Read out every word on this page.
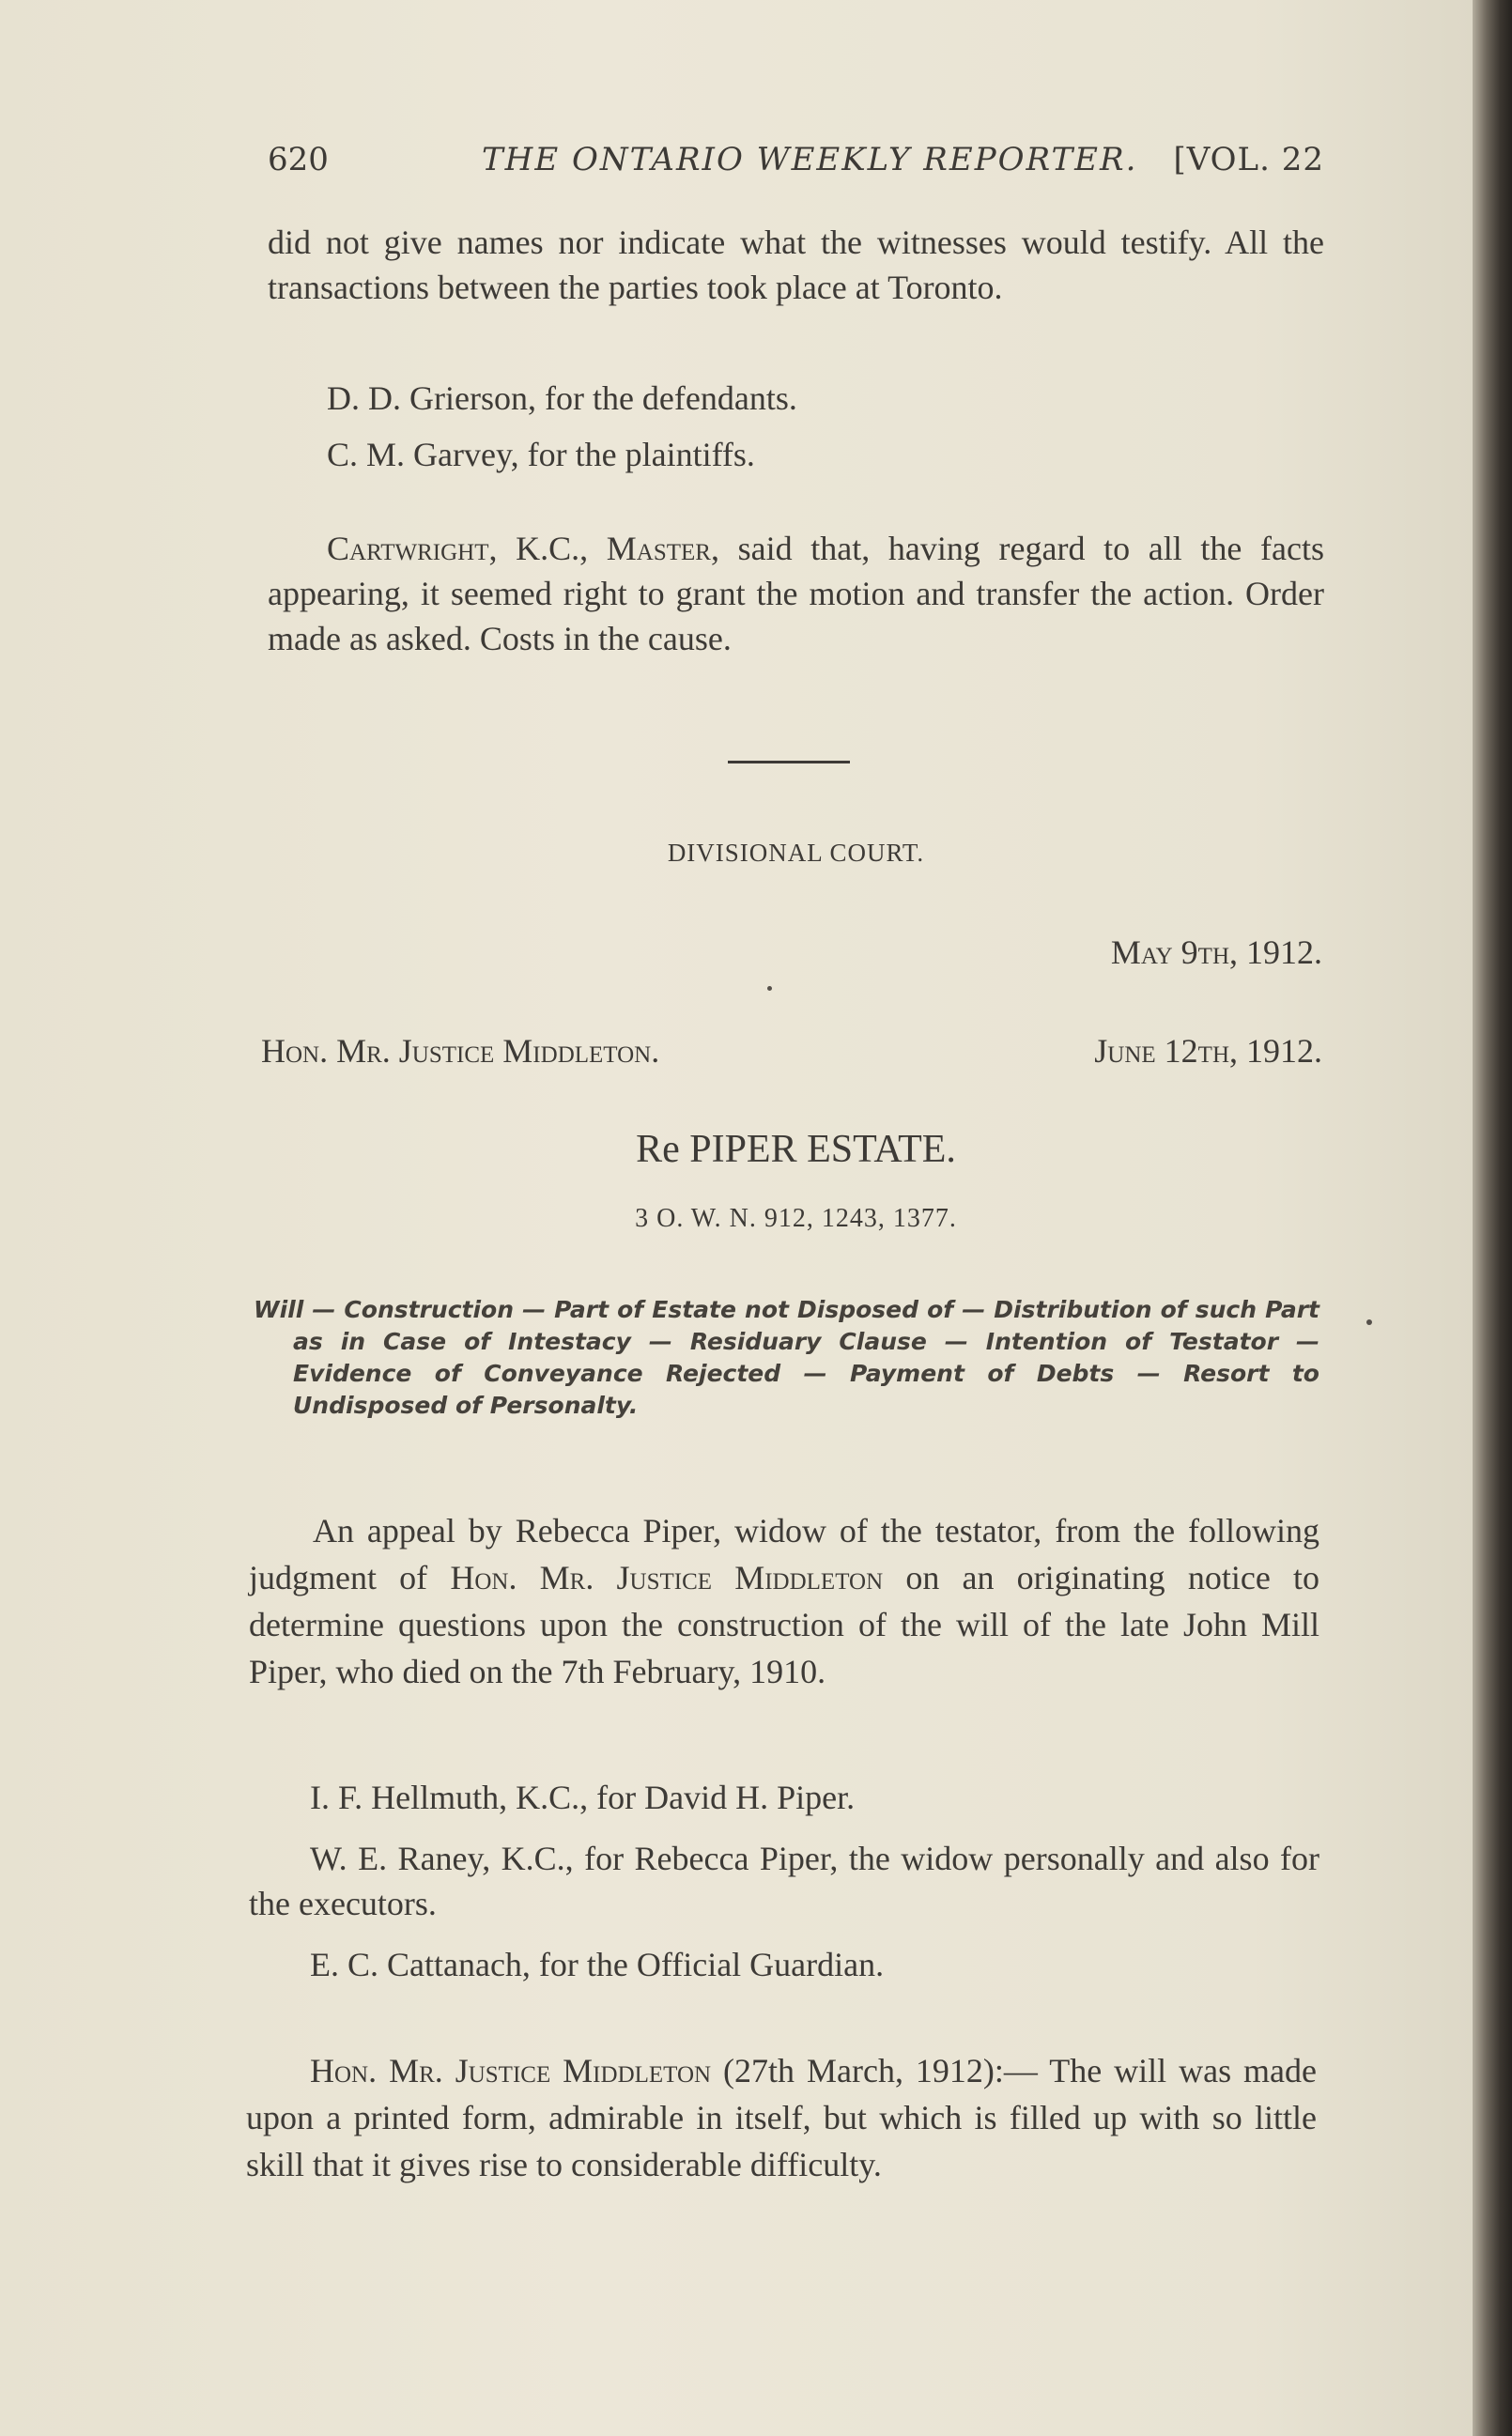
620	THE ONTARIO WEEKLY REPORTER. [VOL. 22

did not give names nor indicate what the witnesses would testify. All the transactions between the parties took place at Toronto.

D. D. Grierson, for the defendants.

C. M. Garvey, for the plaintiffs.

Cartwright, K.C., Master, said that, having regard to all the facts appearing, it seemed right to grant the motion and transfer the action. Order made as asked. Costs in the cause.

DIVISIONAL COURT.
May 9th, 1912.
Hon. Mr. Justice Middleton.	June 12th, 1912.
Re PIPER ESTATE.
3 O. W. N. 912, 1243, 1377.

Will — Construction — Part of Estate not Disposed of — Distribution of such Part as in Case of Intestacy — Residuary Clause — Intention of Testator — Evidence of Conveyance Rejected — Payment of Debts — Resort to Undisposed of Personalty.

An appeal by Rebecca Piper, widow of the testator, from the following judgment of Hon. Mr. Justice Middleton on an originating notice to determine questions upon the construction of the will of the late John Mill Piper, who died on the 7th February, 1910.

I. F. Hellmuth, K.C., for David H. Piper.

W. E. Raney, K.C., for Rebecca Piper, the widow personally and also for the executors.

E. C. Cattanach, for the Official Guardian.

Hon. Mr. Justice Middleton (27th March, 1912):— The will was made upon a printed form, admirable in itself, but which is filled up with so little skill that it gives rise to considerable difficulty.
